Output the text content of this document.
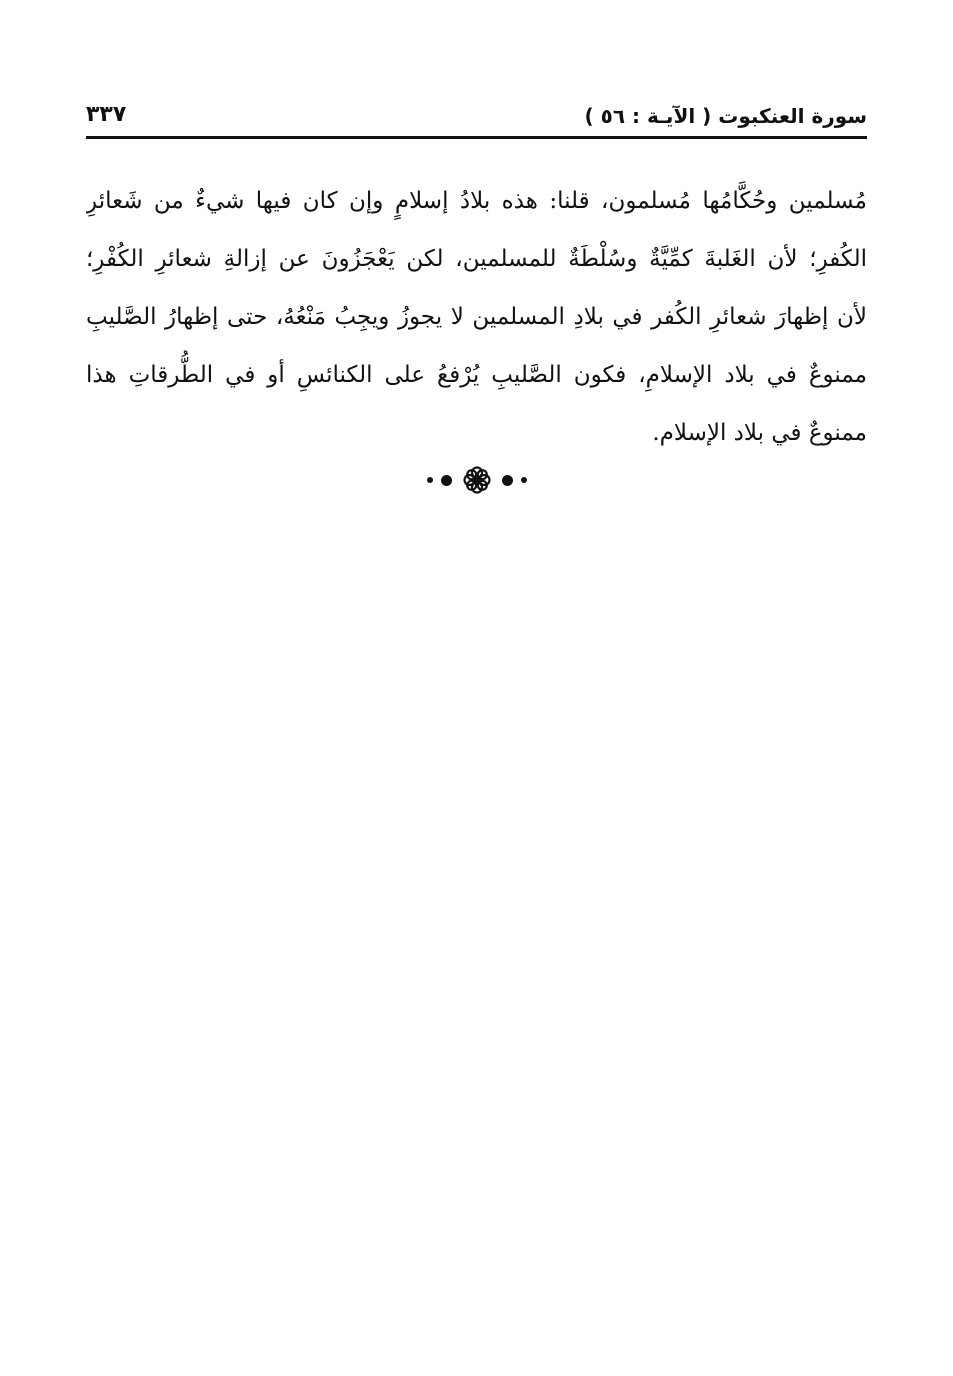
سورة العنكبوت ( الآيـة : ٥٦ )
٣٣٧
مُسلمين وحُكَّامُها مُسلمون، قلنا: هذه بلادُ إسلامٍ وإن كان فيها شيءٌ من شَعائرِ
الكُفرِ؛ لأن الغَلبةَ كمِّيَّةٌ وسُلْطَةٌ للمسلمين، لكن يَعْجَزُونَ عن إزالةِ شعائرِ الكُفْرِ؛
لأن إظهارَ شعائرِ الكُفر في بلادِ المسلمين لا يجوزُ ويجِبُ مَنْعُهُ، حتى إظهارُ الصَّليبِ
ممنوعٌ في بلاد الإسلامِ، فكون الصَّليبِ يُرْفعُ على الكنائسِ أو في الطُّرقاتِ هذا
ممنوعٌ في بلاد الإسلام.
